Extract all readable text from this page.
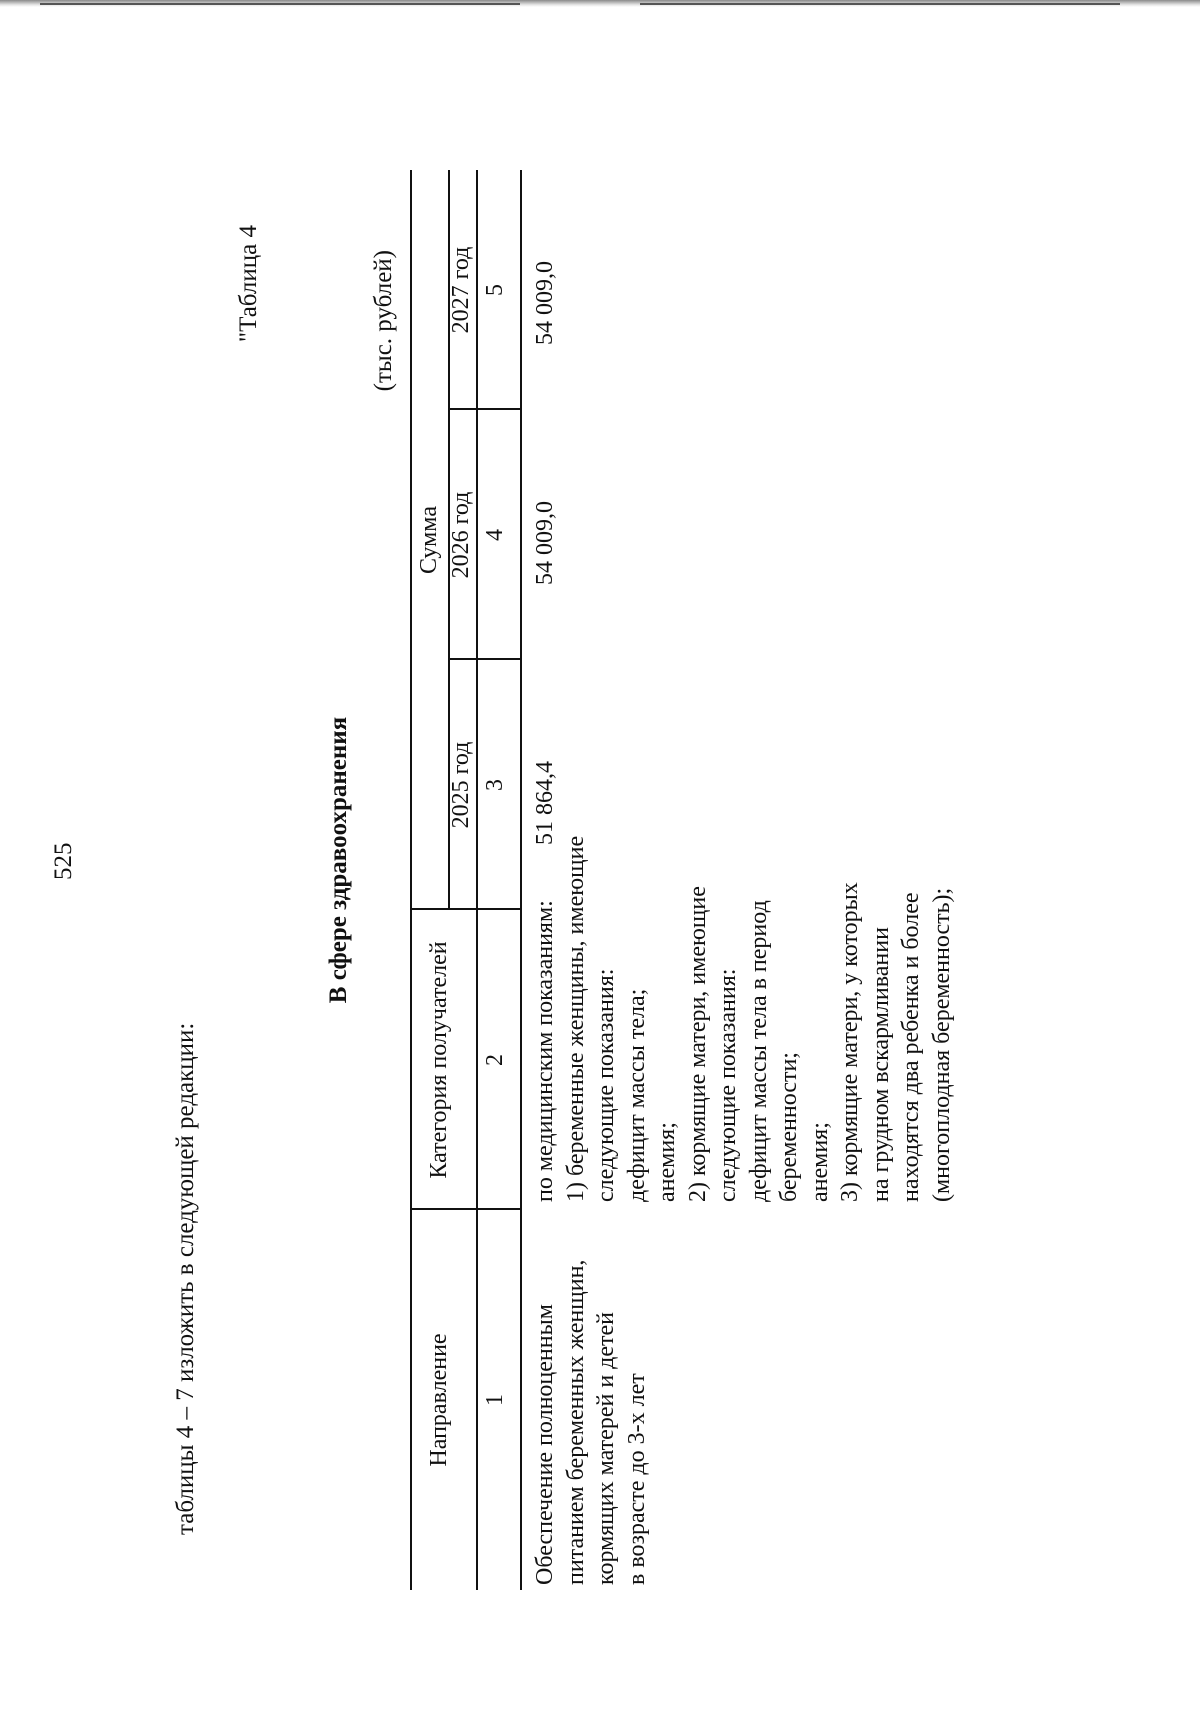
525
таблицы 4 – 7 изложить в следующей редакции:
"Таблица 4
В сфере здравоохранения
(тыс. рублей)
Направление
Категория получателей
Сумма
2025 год
2026 год
2027 год
1
2
3
4
5
Обеспечение полноценным питанием беременных женщин, кормящих матерей и детей в возрасте до 3-х лет
по медицинским показаниям: 1) беременные женщины, имеющие следующие показания: дефицит массы тела; анемия; 2) кормящие матери, имеющие следующие показания: дефицит массы тела в период беременности; анемия; 3) кормящие матери, у которых на грудном вскармливании находятся два ребенка и более (многоплодная беременность);
51 864,4
54 009,0
54 009,0
